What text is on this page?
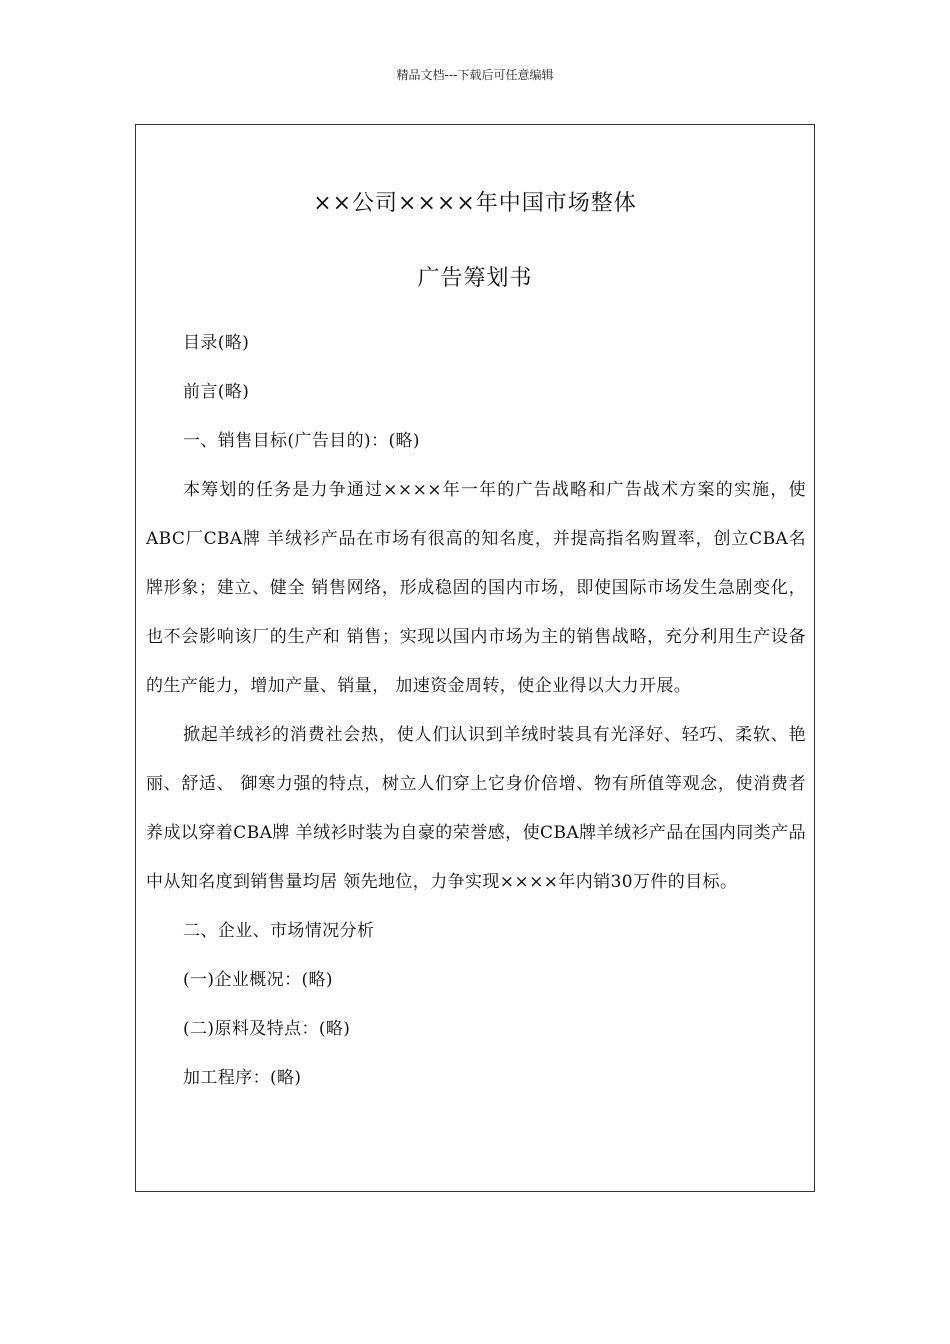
精品文档---下载后可任意编辑
××公司××××年中国市场整体
广告筹划书

目录(略)

前言(略)

一、销售目标(广告目的)：(略)

本筹划的任务是力争通过××××年一年的广告战略和广告战术方案的实施，使ABC厂CBA牌 羊绒衫产品在市场有很高的知名度，并提高指名购置率，创立CBA名牌形象；建立、健全 销售网络，形成稳固的国内市场，即使国际市场发生急剧变化，也不会影响该厂的生产和 销售；实现以国内市场为主的销售战略，充分利用生产设备的生产能力，增加产量、销量， 加速资金周转，使企业得以大力开展。

掀起羊绒衫的消费社会热，使人们认识到羊绒时装具有光泽好、轻巧、柔软、艳丽、舒适、 御寒力强的特点，树立人们穿上它身价倍增、物有所值等观念，使消费者养成以穿着CBA牌 羊绒衫时装为自豪的荣誉感，使CBA牌羊绒衫产品在国内同类产品中从知名度到销售量均居 领先地位，力争实现××××年内销30万件的目标。

二、企业、市场情况分析

(一)企业概况：(略)

(二)原料及特点：(略)

加工程序：(略)
